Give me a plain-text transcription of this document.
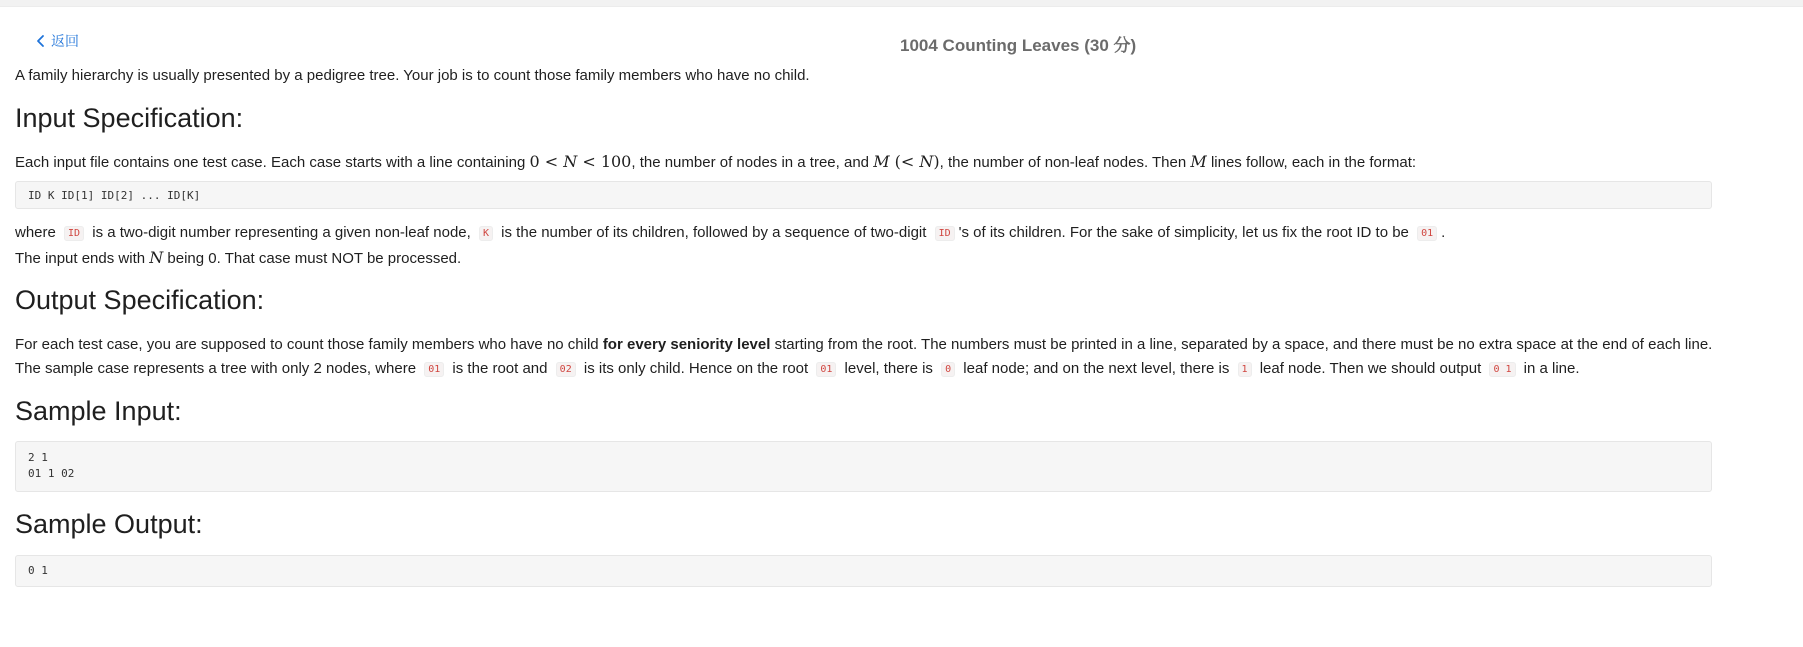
返回	1004 Counting Leaves (30 分)

A family hierarchy is usually presented by a pedigree tree. Your job is to count those family members who have no child.

Input Specification:

Each input file contains one test case. Each case starts with a line containing 0 < N < 100, the number of nodes in a tree, and M (< N), the number of non-leaf nodes. Then M lines follow, each in the format:

ID K ID[1] ID[2] ... ID[K]

where ID is a two-digit number representing a given non-leaf node, K is the number of its children, followed by a sequence of two-digit ID 's of its children. For the sake of simplicity, let us fix the root ID to be 01 .

The input ends with N being 0. That case must NOT be processed.

Output Specification:

For each test case, you are supposed to count those family members who have no child for every seniority level starting from the root. The numbers must be printed in a line, separated by a space, and there must be no extra space at the end of each line.

The sample case represents a tree with only 2 nodes, where 01 is the root and 02 is its only child. Hence on the root 01 level, there is 0 leaf node; and on the next level, there is 1 leaf node. Then we should output 0 1 in a line.

Sample Input:
2 1
01 1 02
Sample Output:
0 1
